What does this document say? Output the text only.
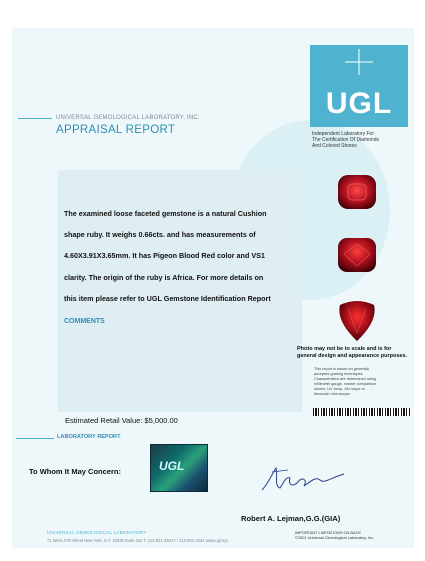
UGL
Independent Laboratory For
The Certification Of Diamonds
And Colored Stones
UNIVERSAL GEMOLOGICAL LABORATORY, INC.
APPRAISAL REPORT
The examined loose faceted gemstone is a natural Cushion
shape ruby. It weighs 0.66cts. and has measurements of
4.60X3.91X3.65mm. It has Pigeon Blood Red color and VS1
clarity. The origin of the ruby is Africa. For more details on
this item please refer to UGL Gemstone Identification Report
COMMENTS
Photo may not be to scale and is for
general design and appearance purposes.
This report is based on generally
accepted grading techniques.
Characteristics are determined using
millimeter gauge, master comparison
stones, UV lamp, 10x loupe or
binocular microscope.
Estimated Retail Value: $5,000.00
LABORATORY REPORT
To Whom It May Concern:	UGL
Robert A. Lejman,G.G.(GIA)
UNIVERSAL GEMOLOGICAL LABORATORY
71 West 47th Street New York, N.Y. 10036 Suite 304 T: 212-921-3304 F: 212-921-4534 www.ugl.nyc
IMPORTANT LIMITATIONS ON BACK
©2001 Universal Gemological Laboratory, Inc.
